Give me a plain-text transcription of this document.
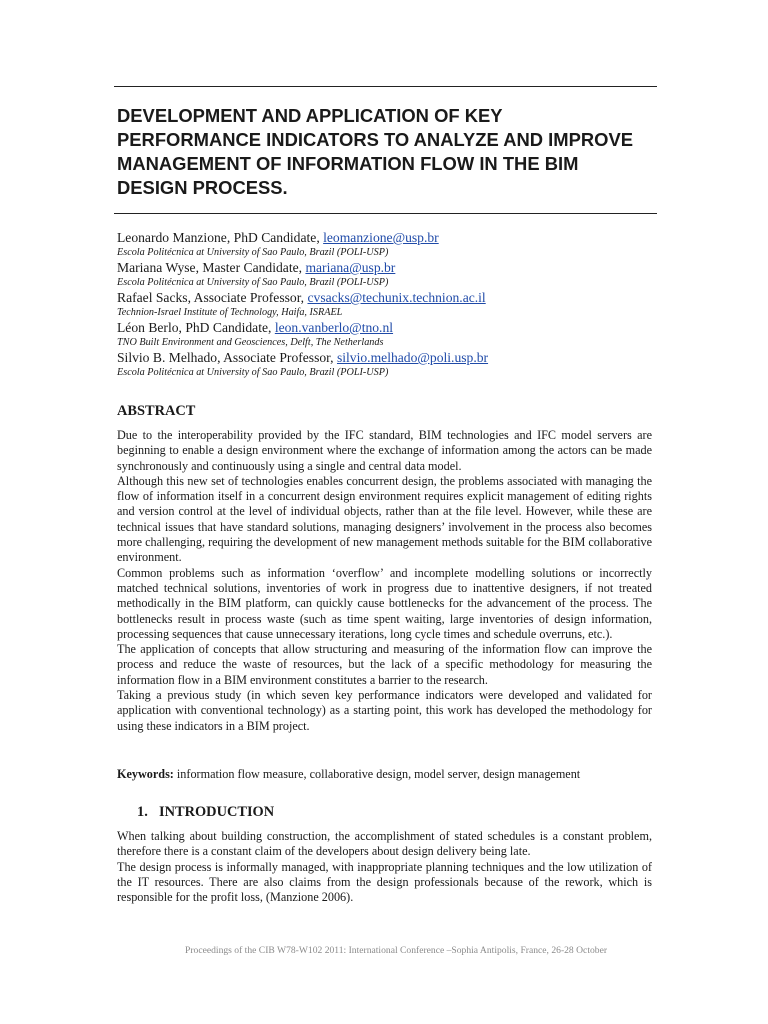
DEVELOPMENT AND APPLICATION OF KEY
PERFORMANCE INDICATORS TO ANALYZE AND IMPROVE
MANAGEMENT OF INFORMATION FLOW IN THE BIM
DESIGN PROCESS.
Leonardo Manzione, PhD Candidate, leomanzione@usp.br
Escola Politécnica at University of Sao Paulo, Brazil (POLI-USP)
Mariana Wyse, Master Candidate, mariana@usp.br
Escola Politécnica at University of Sao Paulo, Brazil (POLI-USP)
Rafael Sacks, Associate Professor, cvsacks@techunix.technion.ac.il
Technion-Israel Institute of Technology, Haifa, ISRAEL
Léon Berlo, PhD Candidate, leon.vanberlo@tno.nl
TNO Built Environment and Geosciences, Delft, The Netherlands
Silvio B. Melhado, Associate Professor, silvio.melhado@poli.usp.br
Escola Politécnica at University of Sao Paulo, Brazil (POLI-USP)
ABSTRACT

Due to the interoperability provided by the IFC standard, BIM technologies and IFC model servers are beginning to enable a design environment where the exchange of information among the actors can be made synchronously and continuously using a single and central data model.

Although this new set of technologies enables concurrent design, the problems associated with managing the flow of information itself in a concurrent design environment requires explicit management of editing rights and version control at the level of individual objects, rather than at the file level. However, while these are technical issues that have standard solutions, managing designers’ involvement in the process also becomes more challenging, requiring the development of new management methods suitable for the BIM collaborative environment.

Common problems such as information ‘overflow’ and incomplete modelling solutions or incorrectly matched technical solutions, inventories of work in progress due to inattentive designers, if not treated methodically in the BIM platform, can quickly cause bottlenecks for the advancement of the process. The bottlenecks result in process waste (such as time spent waiting, large inventories of design information, processing sequences that cause unnecessary iterations, long cycle times and schedule overruns, etc.).

The application of concepts that allow structuring and measuring of the information flow can improve the process and reduce the waste of resources, but the lack of a specific methodology for measuring the information flow in a BIM environment constitutes a barrier to the research.

Taking a previous study (in which seven key performance indicators were developed and validated for application with conventional technology) as a starting point, this work has developed the methodology for using these indicators in a BIM project.

Keywords: information flow measure, collaborative design, model server, design management

1. INTRODUCTION

When talking about building construction, the accomplishment of stated schedules is a constant problem, therefore there is a constant claim of the developers about design delivery being late.

The design process is informally managed, with inappropriate planning techniques and the low utilization of the IT resources. There are also claims from the design professionals because of the rework, which is responsible for the profit loss, (Manzione 2006).

Proceedings of the CIB W78-W102 2011: International Conference –Sophia Antipolis, France, 26-28 October
